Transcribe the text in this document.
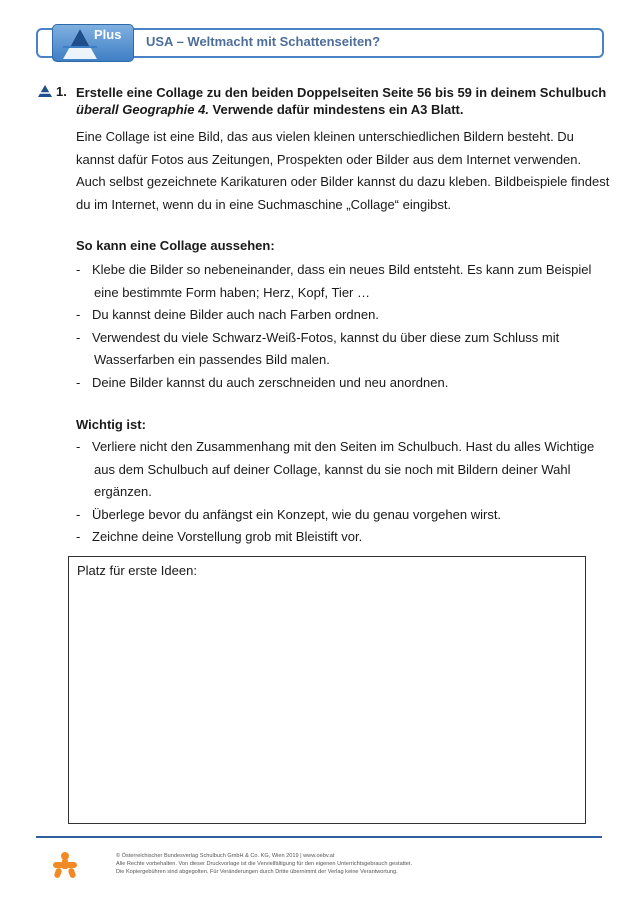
Plus USA – Weltmacht mit Schattenseiten?
1. Erstelle eine Collage zu den beiden Doppelseiten Seite 56 bis 59 in deinem Schulbuch
überall Geographie 4. Verwende dafür mindestens ein A3 Blatt.
Eine Collage ist eine Bild, das aus vielen kleinen unterschiedlichen Bildern besteht. Du
kannst dafür Fotos aus Zeitungen, Prospekten oder Bilder aus dem Internet verwenden.
Auch selbst gezeichnete Karikaturen oder Bilder kannst du dazu kleben. Bildbeispiele findest
du im Internet, wenn du in eine Suchmaschine „Collage“ eingibst.
So kann eine Collage aussehen:
- Klebe die Bilder so nebeneinander, dass ein neues Bild entsteht. Es kann zum Beispiel
eine bestimmte Form haben; Herz, Kopf, Tier …
- Du kannst deine Bilder auch nach Farben ordnen.
- Verwendest du viele Schwarz-Weiß-Fotos, kannst du über diese zum Schluss mit
Wasserfarben ein passendes Bild malen.
- Deine Bilder kannst du auch zerschneiden und neu anordnen.
Wichtig ist:
- Verliere nicht den Zusammenhang mit den Seiten im Schulbuch. Hast du alles Wichtige
aus dem Schulbuch auf deiner Collage, kannst du sie noch mit Bildern deiner Wahl
ergänzen.
- Überlege bevor du anfängst ein Konzept, wie du genau vorgehen wirst.
- Zeichne deine Vorstellung grob mit Bleistift vor.
Platz für erste Ideen:
© Österreichischer Bundesverlag Schulbuch GmbH & Co. KG, Wien 2019 | www.oebv.at
Alle Rechte vorbehalten. Von dieser Druckvorlage ist die Vervielfältigung für den eigenen Unterrichtsgebrauch gestattet.
Die Kopiergebühren sind abgegolten. Für Veränderungen durch Dritte übernimmt der Verlag keine Verantwortung.
